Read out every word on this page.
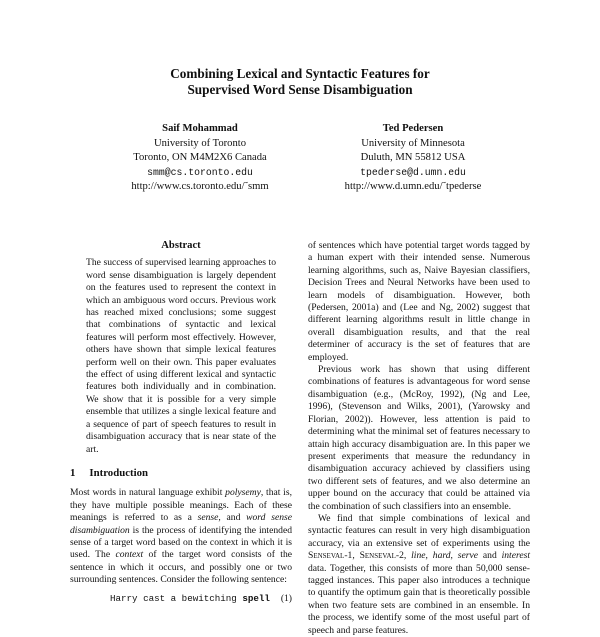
Combining Lexical and Syntactic Features for
Supervised Word Sense Disambiguation
Saif Mohammad
University of Toronto
Toronto, ON M4M2X6 Canada
smm@cs.toronto.edu
http://www.cs.toronto.edu/˜smm
Ted Pedersen
University of Minnesota
Duluth, MN 55812 USA
tpederse@d.umn.edu
http://www.d.umn.edu/˜tpederse
Abstract

The success of supervised learning approaches to word sense disambiguation is largely dependent on the features used to represent the context in which an ambiguous word occurs. Previous work has reached mixed conclusions; some suggest that combinations of syntactic and lexical features will perform most effectively. However, others have shown that simple lexical features perform well on their own. This paper evaluates the effect of using different lexical and syntactic features both individually and in combination. We show that it is possible for a very simple ensemble that utilizes a single lexical feature and a sequence of part of speech features to result in disambiguation accuracy that is near state of the art.

1 Introduction

Most words in natural language exhibit polysemy, that is, they have multiple possible meanings. Each of these meanings is referred to as a sense, and word sense disambiguation is the process of identifying the intended sense of a target word based on the context in which it is used. The context of the target word consists of the sentence in which it occurs, and possibly one or two surrounding sentences. Consider the following sentence:

Harry cast a bewitching spell (1)

of sentences which have potential target words tagged by a human expert with their intended sense. Numerous learning algorithms, such as, Naive Bayesian classifiers, Decision Trees and Neural Networks have been used to learn models of disambiguation. However, both (Pedersen, 2001a) and (Lee and Ng, 2002) suggest that different learning algorithms result in little change in overall disambiguation results, and that the real determiner of accuracy is the set of features that are employed.

Previous work has shown that using different combinations of features is advantageous for word sense disambiguation (e.g., (McRoy, 1992), (Ng and Lee, 1996), (Stevenson and Wilks, 2001), (Yarowsky and Florian, 2002)). However, less attention is paid to determining what the minimal set of features necessary to attain high accuracy disambiguation are. In this paper we present experiments that measure the redundancy in disambiguation accuracy achieved by classifiers using two different sets of features, and we also determine an upper bound on the accuracy that could be attained via the combination of such classifiers into an ensemble.

We find that simple combinations of lexical and syntactic features can result in very high disambiguation accuracy, via an extensive set of experiments using the Senseval-1, Senseval-2, line, hard, serve and interest data. Together, this consists of more than 50,000 sense-tagged instances. This paper also introduces a technique to quantify the optimum gain that is theoretically possible when two feature sets are combined in an ensemble. In the process, we identify some of the most useful part of speech and parse features.
